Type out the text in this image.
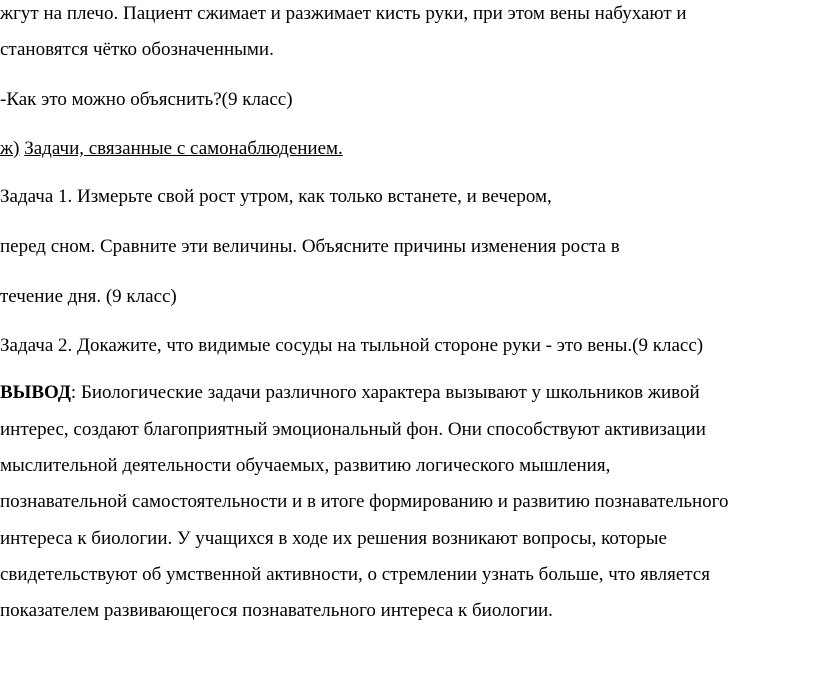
жгут на плечо. Пациент сжимает и разжимает кисть руки, при этом вены набухают и
становятся чётко обозначенными.
-Как это можно объяснить?(9 класс)
ж) Задачи, связанные с самонаблюдением.
Задача 1. Измерьте свой рост утром, как только встанете, и вечером,
перед сном. Сравните эти величины. Объясните причины изменения роста в
течение дня. (9 класс)
Задача 2. Докажите, что видимые сосуды на тыльной стороне руки - это вены.(9 класс)
ВЫВОД: Биологические задачи различного характера вызывают у школьников живой
интерес, создают благоприятный эмоциональный фон. Они способствуют активизации
мыслительной деятельности обучаемых, развитию логического мышления,
познавательной самостоятельности и в итоге формированию и развитию познавательного
интереса к биологии. У учащихся в ходе их решения возникают вопросы, которые
свидетельствуют об умственной активности, о стремлении узнать больше, что является
показателем развивающегося познавательного интереса к биологии.
